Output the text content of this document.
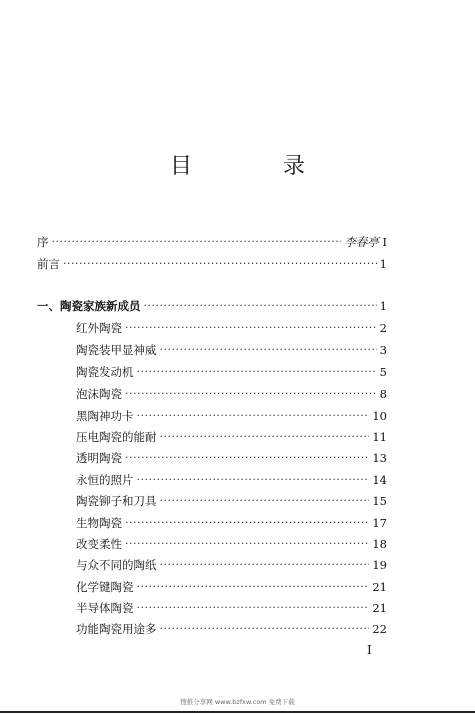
目 录
序 ·····	李春亭 I
前言 ·····	1
一、陶瓷家族新成员 ·····	1
红外陶瓷 ·····	2
陶瓷装甲显神威 ·····	3
陶瓷发动机 ·····	5
泡沫陶瓷 ·····	8
黑陶神功卡 ·····	10
压电陶瓷的能耐 ·····	11
透明陶瓷 ·····	13
永恒的照片 ·····	14
陶瓷铆子和刀具 ·····	15
生物陶瓷 ·····	17
改变柔性 ·····	18
与众不同的陶纸 ·····	19
化学键陶瓷 ·····	21
半导体陶瓷 ·····	21
功能陶瓷用途多 ·····	22
I
搜推分享网 www.bzfxw.com 免费下载
